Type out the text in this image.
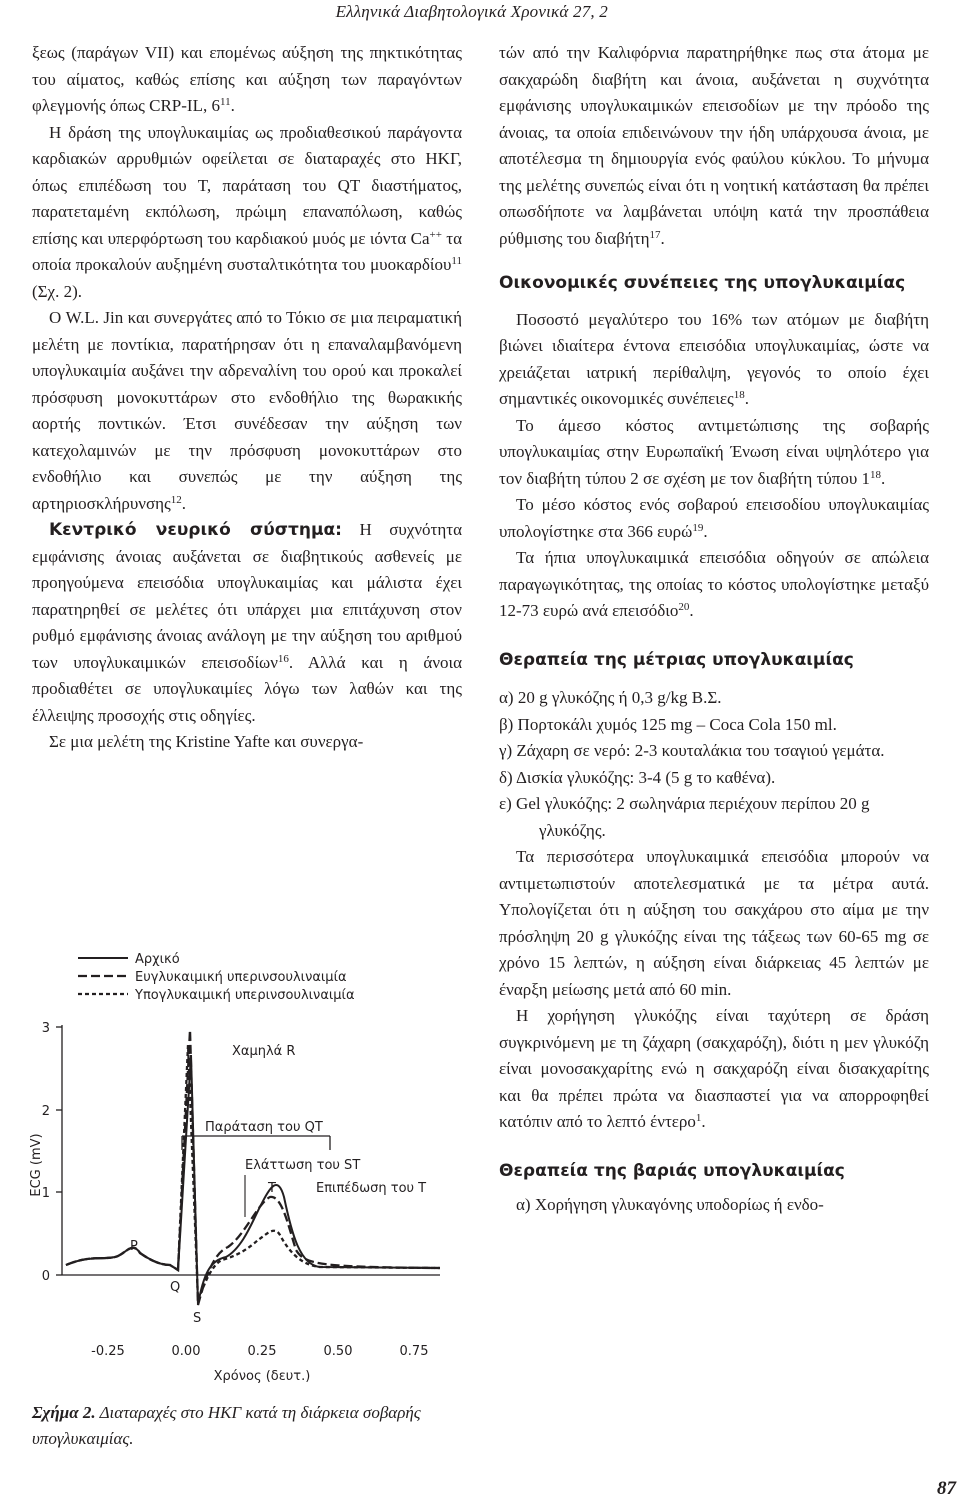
Ελληνικά Διαβητολογικά Χρονικά 27, 2

ξεως (παράγων VII) και επομένως αύξηση της πηκτικότητας του αίματος, καθώς επίσης και αύξηση των παραγόντων φλεγμονής όπως CRP-IL, $6^{11}$.

Η δράση της υπογλυκαιμίας ως προδιαθεσικού παράγοντα καρδιακών αρρυθμιών οφείλεται σε διαταραχές στο ΗΚΓ, όπως επιπέδωση του Τ, παράταση του QT διαστήματος, παρατεταμένη εκπόλωση, πρώιμη επαναπόλωση, καθώς επίσης και υπερφόρτωση του καρδιακού μυός με ιόντα Ca++ τα οποία προκαλούν αυξημένη συσταλτικότητα του μυοκαρδίου$^{11}$ (Σχ. 2).

Ο W.L. Jin και συνεργάτες από το Τόκιο σε μια πειραματική μελέτη με ποντίκια, παρατήρησαν ότι η επαναλαμβανόμενη υπογλυκαιμία αυξάνει την αδρεναλίνη του ορού και προκαλεί πρόσφυση μονοκυττάρων στο ενδοθήλιο της θωρακικής αορτής ποντικών. Έτσι συνέδεσαν την αύξηση των κατεχολαμινών με την πρόσφυση μονοκυττάρων στο ενδοθήλιο και συνεπώς με την αύξηση της αρτηριοσκλήρυνσης$^{12}$.

Κεντρικό νευρικό σύστημα: Η συχνότητα εμφάνισης άνοιας αυξάνεται σε διαβητικούς ασθενείς με προηγούμενα επεισόδια υπογλυκαιμίας και μάλιστα έχει παρατηρηθεί σε μελέτες ότι υπάρχει μια επιτάχυνση στον ρυθμό εμφάνισης άνοιας ανάλογη με την αύξηση του αριθμού των υπογλυκαιμικών επεισοδίων$^{16}$. Αλλά και η άνοια προδιαθέτει σε υπογλυκαιμίες λόγω των λαθών και της έλλειψης προσοχής στις οδηγίες.

Σε μια μελέτη της Kristine Yafte και συνεργα-

Αρχικό
Ευγλυκαιμική υπερινσουλιναιμία
Υπογλυκαιμική υπερινσουλιναιμία
0
1
2
3
-0.25	0.00	0.25	0.50	0.75
ECG (mV)
Χρόνος (δευτ.)
Χαμηλά R
Παράταση του QT
Ελάττωση του ST
T	Επιπέδωση του Τ
P
Q
S
Σχήμα 2. Διαταραχές στο ΗΚΓ κατά τη διάρκεια σοβαρής υπογλυκαιμίας.

τών από την Καλιφόρνια παρατηρήθηκε πως στα άτομα με σακχαρώδη διαβήτη και άνοια, αυξάνεται η συχνότητα εμφάνισης υπογλυκαιμικών επεισοδίων με την πρόοδο της άνοιας, τα οποία επιδεινώνουν την ήδη υπάρχουσα άνοια, με αποτέλεσμα τη δημιουργία ενός φαύλου κύκλου. Το μήνυμα της μελέτης συνεπώς είναι ότι η νοητική κατάσταση θα πρέπει οπωσδήποτε να λαμβάνεται υπόψη κατά την προσπάθεια ρύθμισης του διαβήτη$^{17}$.

Οικονομικές συνέπειες της υπογλυκαιμίας

Ποσοστό μεγαλύτερο του 16% των ατόμων με διαβήτη βιώνει ιδιαίτερα έντονα επεισόδια υπογλυκαιμίας, ώστε να χρειάζεται ιατρική περίθαλψη, γεγονός το οποίο έχει σημαντικές οικονομικές συνέπειες$^{18}$.

Το άμεσο κόστος αντιμετώπισης της σοβαρής υπογλυκαιμίας στην Ευρωπαϊκή Ένωση είναι υψηλότερο για τον διαβήτη τύπου 2 σε σχέση με τον διαβήτη τύπου $1^{18}$.

Το μέσο κόστος ενός σοβαρού επεισοδίου υπογλυκαιμίας υπολογίστηκε στα 366 ευρώ$^{19}$.

Τα ήπια υπογλυκαιμικά επεισόδια οδηγούν σε απώλεια παραγωγικότητας, της οποίας το κόστος υπολογίστηκε μεταξύ 12-73 ευρώ ανά επεισόδιο$^{20}$.

Θεραπεία της μέτριας υπογλυκαιμίας

α) 20 g γλυκόζης ή 0,3 g/kg Β.Σ.

β) Πορτοκάλι χυμός 125 mg – Coca Cola 150 ml.

γ) Ζάχαρη σε νερό: 2-3 κουταλάκια του τσαγιού γεμάτα.

δ) Δισκία γλυκόζης: 3-4 (5 g το καθένα).

ε) Gel γλυκόζης: 2 σωληνάρια περιέχουν περίπου 20 g γλυκόζης.

Τα περισσότερα υπογλυκαιμικά επεισόδια μπορούν να αντιμετωπιστούν αποτελεσματικά με τα μέτρα αυτά. Υπολογίζεται ότι η αύξηση του σακχάρου στο αίμα με την πρόσληψη 20 g γλυκόζης είναι της τάξεως των 60-65 mg σε χρόνο 15 λεπτών, η αύξηση είναι διάρκειας 45 λεπτών με έναρξη μείωσης μετά από 60 min.

Η χορήγηση γλυκόζης είναι ταχύτερη σε δράση συγκρινόμενη με τη ζάχαρη (σακχαρόζη), διότι η μεν γλυκόζη είναι μονοσακχαρίτης ενώ η σακχαρόζη είναι δισακχαρίτης και θα πρέπει πρώτα να διασπαστεί για να απορροφηθεί κατόπιν από το λεπτό έντερο$^1$.

Θεραπεία της βαριάς υπογλυκαιμίας

α) Χορήγηση γλυκαγόνης υποδορίως ή ενδο-

87
